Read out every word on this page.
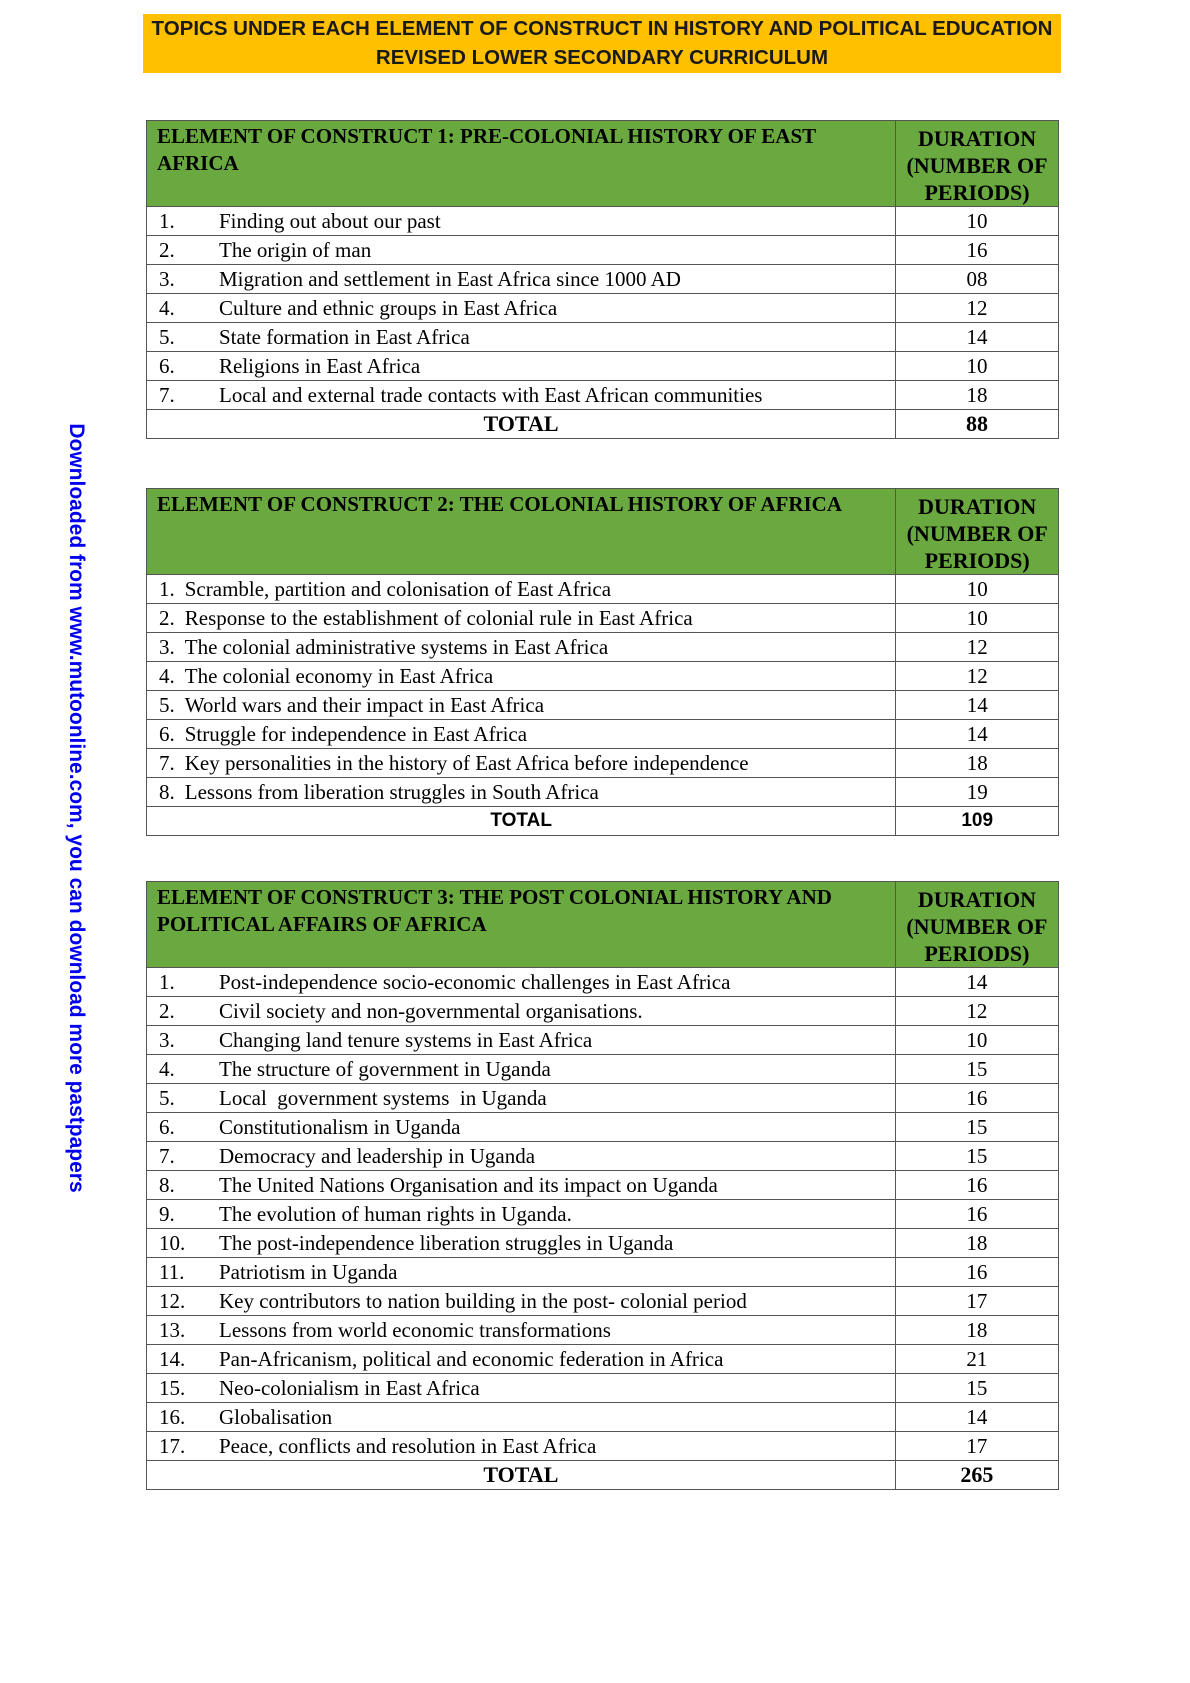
TOPICS UNDER EACH ELEMENT OF CONSTRUCT IN HISTORY AND POLITICAL EDUCATION
REVISED LOWER SECONDARY CURRICULUM
Downloaded from www.mutoonline.com, you can download more pastpapers
ELEMENT OF CONSTRUCT 1: PRE-COLONIAL HISTORY OF EAST AFRICA	DURATION
(NUMBER OF
PERIODS)

1. Finding out about our past	10
2. The origin of man	16
3. Migration and settlement in East Africa since 1000 AD	08
4. Culture and ethnic groups in East Africa	12
5. State formation in East Africa	14
6. Religions in East Africa	10
7. Local and external trade contacts with East African communities	18
TOTAL	88
ELEMENT OF CONSTRUCT 2: THE COLONIAL HISTORY OF AFRICA	DURATION
(NUMBER OF
PERIODS)

1. Scramble, partition and colonisation of East Africa	10
2. Response to the establishment of colonial rule in East Africa	10
3. The colonial administrative systems in East Africa	12
4. The colonial economy in East Africa	12
5. World wars and their impact in East Africa	14
6. Struggle for independence in East Africa	14
7. Key personalities in the history of East Africa before independence	18
8. Lessons from liberation struggles in South Africa	19
TOTAL	109
ELEMENT OF CONSTRUCT 3: THE POST COLONIAL HISTORY AND POLITICAL AFFAIRS OF AFRICA	DURATION
(NUMBER OF
PERIODS)

1. Post-independence socio-economic challenges in East Africa	14
2. Civil society and non-governmental organisations.	12
3. Changing land tenure systems in East Africa	10
4. The structure of government in Uganda	15
5. Local  government systems  in Uganda	16
6. Constitutionalism in Uganda	15
7. Democracy and leadership in Uganda	15
8. The United Nations Organisation and its impact on Uganda	16
9. The evolution of human rights in Uganda.	16
10. The post-independence liberation struggles in Uganda	18
11. Patriotism in Uganda	16
12. Key contributors to nation building in the post- colonial period	17
13. Lessons from world economic transformations	18
14. Pan-Africanism, political and economic federation in Africa	21
15. Neo-colonialism in East Africa	15
16. Globalisation	14
17. Peace, conflicts and resolution in East Africa	17
TOTAL	265
